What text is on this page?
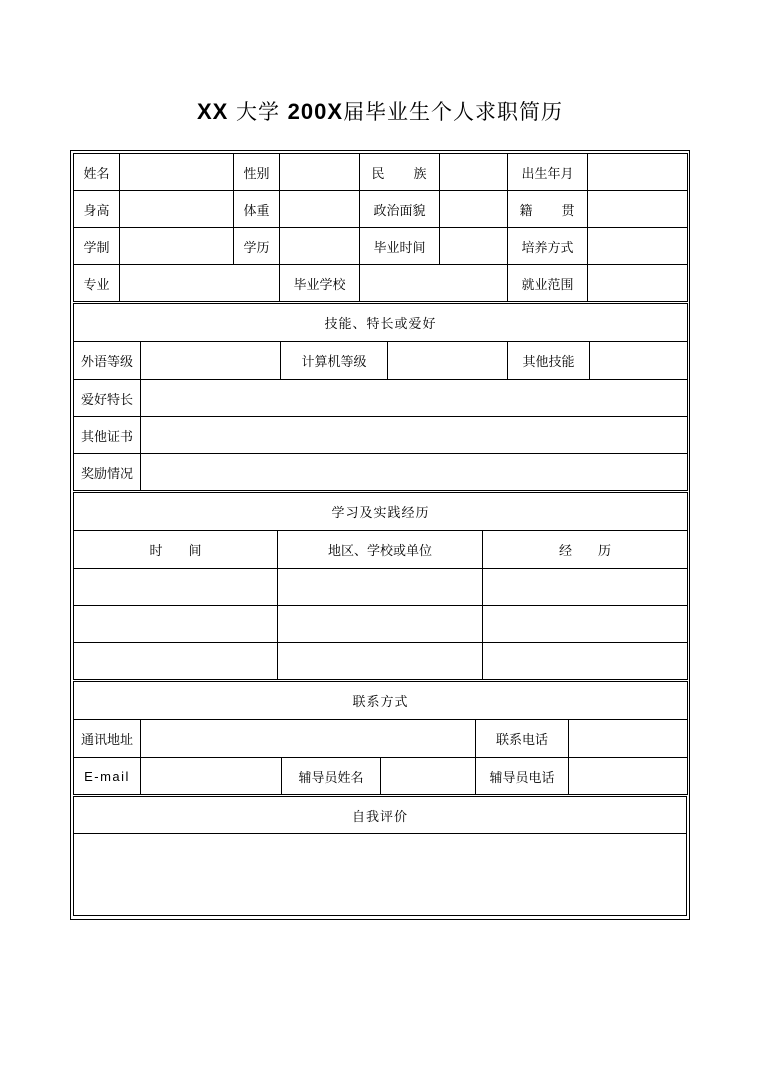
XX 大学 200X届毕业生个人求职简历
姓名		性别		民　　族		出生年月	
身高		体重		政治面貌		籍　　贯	
学制		学历		毕业时间		培养方式	
专业			毕业学校			就业范围	
技能、特长或爱好					
外语等级		计算机等级		其他技能	
爱好特长					
其他证书					
奖励情况					
学习及实践经历		
时　　间	地区、学校或单位	经　　历

联系方式					
通讯地址				联系电话	
E-mail		辅导员姓名		辅导员电话	
自我评价
